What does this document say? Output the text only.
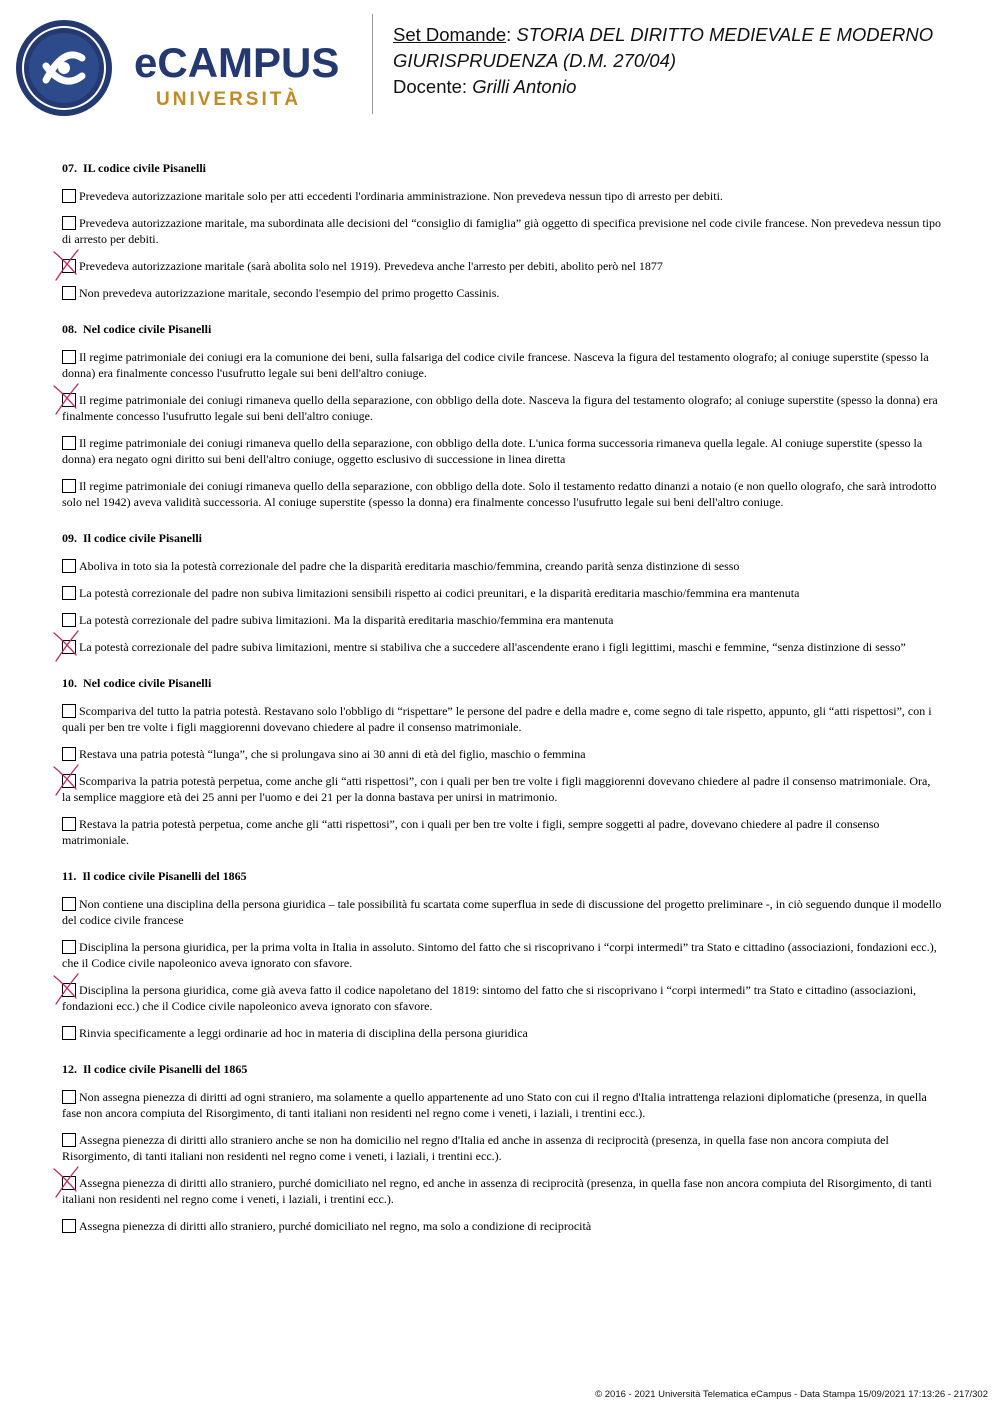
eCAMPUS
UNIVERSITÀ
Set Domande: STORIA DEL DIRITTO MEDIEVALE E MODERNO
GIURISPRUDENZA (D.M. 270/04)
Docente: Grilli Antonio
07. IL codice civile Pisanelli
Prevedeva autorizzazione maritale solo per atti eccedenti l'ordinaria amministrazione. Non prevedeva nessun tipo di arresto per debiti.
Prevedeva autorizzazione maritale, ma subordinata alle decisioni del “consiglio di famiglia” già oggetto di specifica previsione nel code civile francese. Non prevedeva nessun tipo di arresto per debiti.
Prevedeva autorizzazione maritale (sarà abolita solo nel 1919). Prevedeva anche l'arresto per debiti, abolito però nel 1877
Non prevedeva autorizzazione maritale, secondo l'esempio del primo progetto Cassinis.
08. Nel codice civile Pisanelli
Il regime patrimoniale dei coniugi era la comunione dei beni, sulla falsariga del codice civile francese. Nasceva la figura del testamento olografo; al coniuge superstite (spesso la donna) era finalmente concesso l'usufrutto legale sui beni dell'altro coniuge.
Il regime patrimoniale dei coniugi rimaneva quello della separazione, con obbligo della dote. Nasceva la figura del testamento olografo; al coniuge superstite (spesso la donna) era finalmente concesso l'usufrutto legale sui beni dell'altro coniuge.
Il regime patrimoniale dei coniugi rimaneva quello della separazione, con obbligo della dote. L'unica forma successoria rimaneva quella legale. Al coniuge superstite (spesso la donna) era negato ogni diritto sui beni dell'altro coniuge, oggetto esclusivo di successione in linea diretta
Il regime patrimoniale dei coniugi rimaneva quello della separazione, con obbligo della dote. Solo il testamento redatto dinanzi a notaio (e non quello olografo, che sarà introdotto solo nel 1942) aveva validità successoria. Al coniuge superstite (spesso la donna) era finalmente concesso l'usufrutto legale sui beni dell'altro coniuge.
09. Il codice civile Pisanelli
Aboliva in toto sia la potestà correzionale del padre che la disparità ereditaria maschio/femmina, creando parità senza distinzione di sesso
La potestà correzionale del padre non subiva limitazioni sensibili rispetto ai codici preunitari, e la disparità ereditaria maschio/femmina era mantenuta
La potestà correzionale del padre subiva limitazioni. Ma la disparità ereditaria maschio/femmina era mantenuta
La potestà correzionale del padre subiva limitazioni, mentre si stabiliva che a succedere all'ascendente erano i figli legittimi, maschi e femmine, “senza distinzione di sesso”
10. Nel codice civile Pisanelli
Scompariva del tutto la patria potestà. Restavano solo l'obbligo di “rispettare” le persone del padre e della madre e, come segno di tale rispetto, appunto, gli “atti rispettosi”, con i quali per ben tre volte i figli maggiorenni dovevano chiedere al padre il consenso matrimoniale.
Restava una patria potestà “lunga”, che si prolungava sino ai 30 anni di età del figlio, maschio o femmina
Scompariva la patria potestà perpetua, come anche gli “atti rispettosi”, con i quali per ben tre volte i figli maggiorenni dovevano chiedere al padre il consenso matrimoniale. Ora, la semplice maggiore età dei 25 anni per l'uomo e dei 21 per la donna bastava per unirsi in matrimonio.
Restava la patria potestà perpetua, come anche gli “atti rispettosi”, con i quali per ben tre volte i figli, sempre soggetti al padre, dovevano chiedere al padre il consenso matrimoniale.
11. Il codice civile Pisanelli del 1865
Non contiene una disciplina della persona giuridica – tale possibilità fu scartata come superflua in sede di discussione del progetto preliminare -, in ciò seguendo dunque il modello del codice civile francese
Disciplina la persona giuridica, per la prima volta in Italia in assoluto. Sintomo del fatto che si riscoprivano i “corpi intermedi” tra Stato e cittadino (associazioni, fondazioni ecc.), che il Codice civile napoleonico aveva ignorato con sfavore.
Disciplina la persona giuridica, come già aveva fatto il codice napoletano del 1819: sintomo del fatto che si riscoprivano i “corpi intermedi” tra Stato e cittadino (associazioni, fondazioni ecc.) che il Codice civile napoleonico aveva ignorato con sfavore.
Rinvia specificamente a leggi ordinarie ad hoc in materia di disciplina della persona giuridica
12. Il codice civile Pisanelli del 1865
Non assegna pienezza di diritti ad ogni straniero, ma solamente a quello appartenente ad uno Stato con cui il regno d'Italia intrattenga relazioni diplomatiche (presenza, in quella fase non ancora compiuta del Risorgimento, di tanti italiani non residenti nel regno come i veneti, i laziali, i trentini ecc.).
Assegna pienezza di diritti allo straniero anche se non ha domicilio nel regno d'Italia ed anche in assenza di reciprocità (presenza, in quella fase non ancora compiuta del Risorgimento, di tanti italiani non residenti nel regno come i veneti, i laziali, i trentini ecc.).
Assegna pienezza di diritti allo straniero, purché domiciliato nel regno, ed anche in assenza di reciprocità (presenza, in quella fase non ancora compiuta del Risorgimento, di tanti italiani non residenti nel regno come i veneti, i laziali, i trentini ecc.).
Assegna pienezza di diritti allo straniero, purché domiciliato nel regno, ma solo a condizione di reciprocità
© 2016 - 2021 Università Telematica eCampus - Data Stampa 15/09/2021 17:13:26 - 217/302
